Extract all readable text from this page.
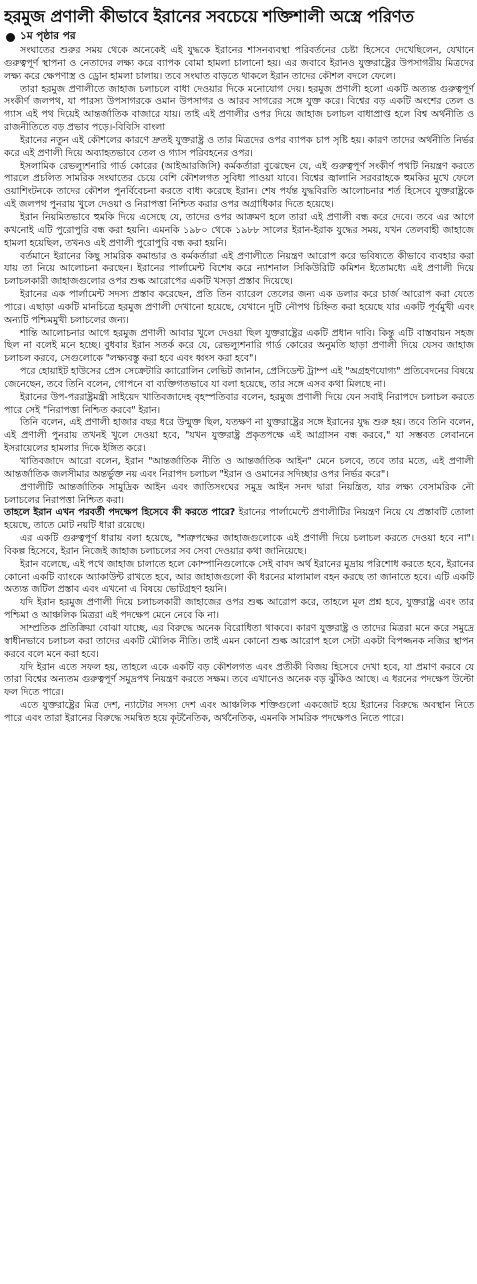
হরমুজ প্রণালী কীভাবে ইরানের সবচেয়ে শক্তিশালী অস্ত্রে পরিণত
১ম পৃষ্ঠার পর

সংঘাতের শুরুর সময় থেকে অনেকেই এই যুদ্ধকে ইরানের শাসনব্যবস্থা পরিবর্তনের চেষ্টা হিসেবে দেখেছিলেন, যেখানে গুরুত্বপূর্ণ স্থাপনা ও নেতাদের লক্ষ্য করে ব্যাপক বোমা হামলা চালানো হয়। এর জবাবে ইরানও যুক্তরাষ্ট্রের উপসাগরীয় মিত্রদের লক্ষ্য করে ক্ষেপণাস্ত্র ও ড্রোন হামলা চালায়। তবে সংঘাত বাড়তে থাকলে ইরান তাদের কৌশল বদলে ফেলে।

তারা হরমুজ প্রণালীতে জাহাজ চলাচলে বাধা দেওয়ার দিকে মনোযোগ দেয়। হরমুজ প্রণালী হলো একটি অত্যন্ত গুরুত্বপূর্ণ সংকীর্ণ জলপথ, যা পারস্য উপসাগরকে ওমান উপসাগর ও আরব সাগরের সঙ্গে যুক্ত করে। বিশ্বের বড় একটি অংশের তেল ও গ্যাস এই পথ দিয়েই আন্তর্জাতিক বাজারে যায়। তাই এই প্রণালীর ওপর দিয়ে জাহাজ চলাচল বাধাপ্রাপ্ত হলে বিশ্ব অর্থনীতি ও রাজনীতিতে বড় প্রভাব পড়ে।-বিবিসি বাংলা

ইরানের নতুন এই কৌশলের কারণে দ্রুতই যুক্তরাষ্ট্র ও তার মিত্রদের ওপর ব্যাপক চাপ সৃষ্টি হয়। কারণ তাদের অর্থনীতি নির্ভর করে এই প্রণালী দিয়ে অব্যাহতভাবে তেল ও গ্যাস পরিবহনের ওপর।

ইসলামিক রেভল্যুশনারি গার্ড কোরের (আইআরজিসি) কর্মকর্তারা বুঝেছেন যে, এই গুরুত্বপূর্ণ সংকীর্ণ পথটি নিয়ন্ত্রণ করতে পারলে প্রচলিত সামরিক সংঘাতের চেয়ে বেশি কৌশলগত সুবিধা পাওয়া যাবে। বিশ্বের জ্বালানি সরবরাহকে হুমকির মুখে ফেলে ওয়াশিংটনকে তাদের কৌশল পুনর্বিবেচনা করতে বাধ্য করেছে ইরান। শেষ পর্যন্ত যুদ্ধবিরতি আলোচনার শর্ত হিসেবে যুক্তরাষ্ট্রকে এই জলপথ পুনরায় খুলে দেওয়া ও নিরাপত্তা নিশ্চিত করার ওপর অগ্রাধিকার দিতে হয়েছে।

ইরান নিয়মিতভাবে হুমকি দিয়ে এসেছে যে, তাদের ওপর আক্রমণ হলে তারা এই প্রণালী বন্ধ করে দেবে। তবে এর আগে কখনোই এটি পুরোপুরি বন্ধ করা হয়নি। এমনকি ১৯৮০ থেকে ১৯৮৮ সালের ইরান-ইরাক যুদ্ধের সময়, যখন তেলবাহী জাহাজে হামলা হয়েছিল, তখনও এই প্রণালী পুরোপুরি বন্ধ করা হয়নি।

বর্তমানে ইরানের কিছু সামরিক কমান্ডার ও কর্মকর্তারা এই প্রণালীতে নিয়ন্ত্রণ আরোপ করে ভবিষ্যতে কীভাবে ব্যবহার করা যায় তা নিয়ে আলোচনা করছেন। ইরানের পার্লামেন্ট বিশেষ করে ন্যাশনাল সিকিউরিটি কমিশন ইতোমধ্যে এই প্রণালী দিয়ে চলাচলকারী জাহাজগুলোর ওপর শুল্ক আরোপের একটি খসড়া প্রস্তাব দিয়েছে।

ইরানের এক পার্লামেন্ট সদস্য প্রস্তাব করেছেন, প্রতি তিন ব্যারেল তেলের জন্য এক ডলার করে চার্জ আরোপ করা যেতে পারে। এছাড়া একটি মানচিত্রে হরমুজ প্রণালী দেখানো হয়েছে, যেখানে দুটি নৌপথ চিহ্নিত করা হয়েছে যার একটি পূর্বমুখী এবং অন্যটি পশ্চিমমুখী চলাচলের জন্য।

শান্তি আলোচনার আগে হরমুজ প্রণালী আবার খুলে দেওয়া ছিল যুক্তরাষ্ট্রের একটি প্রধান দাবি। কিন্তু এটি বাস্তবায়ন সহজ ছিল না বলেই মনে হচ্ছে। বুধবার ইরান সতর্ক করে যে, রেভল্যুশনারি গার্ড কোরের অনুমতি ছাড়া প্রণালী দিয়ে যেসব জাহাজ চলাচল করবে, সেগুলোকে "লক্ষ্যবস্তু করা হবে এবং ধ্বংস করা হবে"।

পরে হোয়াইট হাউসের প্রেস সেক্রেটারি ক্যারোলিন লেভিট জানান, প্রেসিডেন্ট ট্রাম্প এই "অগ্রহণযোগ্য" প্রতিবেদনের বিষয়ে জেনেছেন, তবে তিনি বলেন, গোপনে বা ব্যক্তিগতভাবে যা বলা হয়েছে, তার সঙ্গে এসব কথা মিলছে না।

ইরানের উপ-পররাষ্ট্রমন্ত্রী সাইয়েদ খাতিবজাদেহ বৃহস্পতিবার বলেন, হরমুজ প্রণালী দিয়ে যেন সবাই নিরাপদে চলাচল করতে পারে সেই "নিরাপত্তা নিশ্চিত করবে" ইরান।

তিনি বলেন, এই প্রণালী হাজার বছর ধরে উন্মুক্ত ছিল, যতক্ষণ না যুক্তরাষ্ট্রের সঙ্গে ইরানের যুদ্ধ শুরু হয়। তবে তিনি বলেন, এই প্রণালী পুনরায় তখনই খুলে দেওয়া হবে, "যখন যুক্তরাষ্ট্র প্রকৃতপক্ষে এই আগ্রাসন বন্ধ করবে," যা সম্ভবত লেবাননে ইসরায়েলের হামলার দিকে ইঙ্গিত করে।

খাতিবজাদে আরো বলেন, ইরান "আন্তর্জাতিক নীতি ও আন্তর্জাতিক আইন" মেনে চলবে, তবে তার মতে, এই প্রণালী আন্তর্জাতিক জলসীমার অন্তর্ভুক্ত নয় এবং নিরাপদ চলাচল "ইরান ও ওমানের সদিচ্ছার ওপর নির্ভর করে"।

প্রণালীটি আন্তর্জাতিক সামুদ্রিক আইন এবং জাতিসংঘের সমুদ্র আইন সনদ দ্বারা নিয়ন্ত্রিত, যার লক্ষ্য বেসামরিক নৌ চলাচলের নিরাপত্তা নিশ্চিত করা।

তাহলে ইরান এখন পরবর্তী পদক্ষেপ হিসেবে কী করতে পারে? ইরানের পার্লামেন্টে প্রণালীটির নিয়ন্ত্রণ নিয়ে যে প্রস্তাবটি তোলা হয়েছে, তাতে মোট নয়টি ধারা রয়েছে।

এর একটি গুরুত্বপূর্ণ ধারায় বলা হয়েছে, "শত্রুপক্ষের জাহাজগুলোকে এই প্রণালী দিয়ে চলাচল করতে দেওয়া হবে না"। বিকল্প হিসেবে, ইরান নিজেই জাহাজ চলাচলের সব সেবা দেওয়ার কথা জানিয়েছে।

ইরান বলেছে, এই পথে জাহাজ চালাতে হলে কোম্পানিগুলোকে সেই বাবদ অর্থ ইরানের মুদ্রায় পরিশোধ করতে হবে, ইরানের কোনো একটি ব্যাংকে অ্যাকাউন্ট রাখতে হবে, আর জাহাজগুলো কী ধরনের মালামাল বহন করছে তা জানাতে হবে। এটি একটি অত্যন্ত জটিল প্রস্তাব এবং এখনো এ বিষয়ে ভোটগ্রহণ হয়নি।

যদি ইরান হরমুজ প্রণালী দিয়ে চলাচলকারী জাহাজের ওপর শুল্ক আরোপ করে, তাহলে মূল প্রশ্ন হবে, যুক্তরাষ্ট্র এবং তার পশ্চিমা ও আঞ্চলিক মিত্ররা এই পদক্ষেপ মেনে নেবে কি না।

সাম্প্রতিক প্রতিক্রিয়া বোঝা যাচ্ছে, এর বিরুদ্ধে অনেক বিরোধিতা থাকবে। কারণ যুক্তরাষ্ট্র ও তাদের মিত্ররা মনে করে সমুদ্রে স্বাধীনভাবে চলাচল করা তাদের একটি মৌলিক নীতি। তাই এমন কোনো শুল্ক আরোপ হলে সেটা একটা বিপজ্জনক নজির স্থাপন করবে বলে মনে করা হবে।

যদি ইরান এতে সফল হয়, তাহলে একে একটি বড় কৌশলগত এবং প্রতীকী বিজয় হিসেবে দেখা হবে, যা প্রমাণ করবে যে তারা বিশ্বের অন্যতম গুরুত্বপূর্ণ সমুদ্রপথ নিয়ন্ত্রণ করতে সক্ষম। তবে এখানেও অনেক বড় ঝুঁকিও আছে। এ ধরনের পদক্ষেপ উল্টো ফল দিতে পারে।

এতে যুক্তরাষ্ট্রের মিত্র দেশ, ন্যাটোর সদস্য দেশ এবং আঞ্চলিক শক্তিগুলো একজোট হয়ে ইরানের বিরুদ্ধে অবস্থান নিতে পারে এবং তারা ইরানের বিরুদ্ধে সমন্বিত হয়ে কূটনৈতিক, অর্থনৈতিক, এমনকি সামরিক পদক্ষেপও নিতে পারে।
